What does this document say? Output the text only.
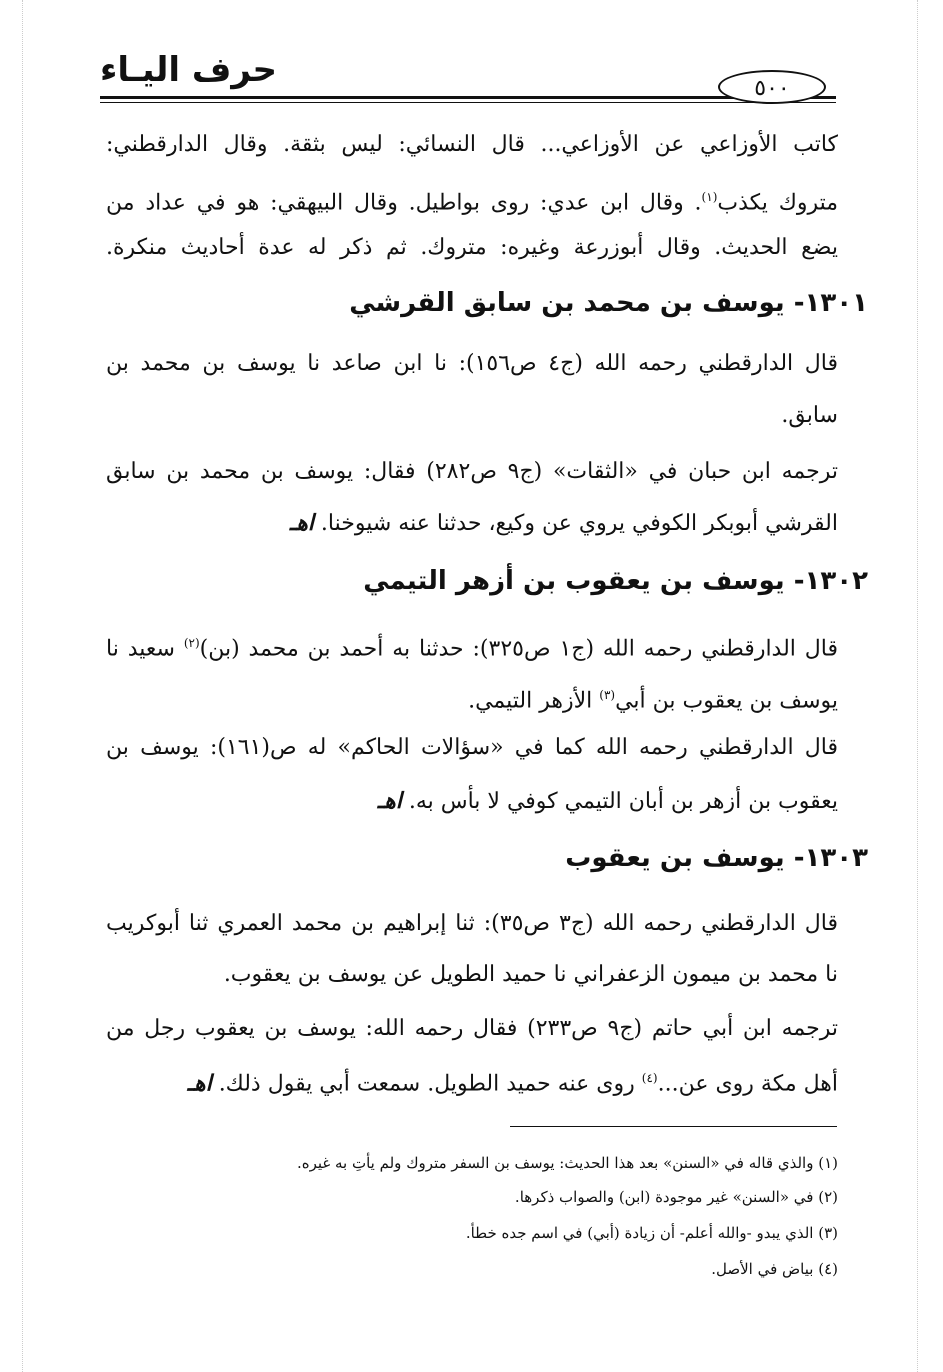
حرف اليـاء	٥٠٠
كاتب الأوزاعي عن الأوزاعي... قال النسائي: ليس بثقة. وقال الدارقطني:
متروك يكذب$^{(١)}$. وقال ابن عدي: روى بواطيل. وقال البيهقي: هو في عداد من
يضع الحديث. وقال أبوزرعة وغيره: متروك. ثم ذكر له عدة أحاديث منكرة.
١٣٠١- يوسف بن محمد بن سابق القرشي
قال الدارقطني رحمه الله (ج٤ ص١٥٦): نا ابن صاعد نا يوسف بن محمد بن
سابق.
ترجمه ابن حبان في «الثقات» (ج٩ ص٢٨٢) فقال: يوسف بن محمد بن سابق
القرشي أبوبكر الكوفي يروي عن وكيع، حدثنا عنه شيوخنا. اهـ
١٣٠٢- يوسف بن يعقوب بن أزهر التيمي
قال الدارقطني رحمه الله (ج١ ص٣٢٥): حدثنا به أحمد بن محمد (بن)$^{(٢)}$ سعيد نا
يوسف بن يعقوب بن أبي$^{(٣)}$ الأزهر التيمي.
قال الدارقطني رحمه الله كما في «سؤالات الحاكم» له ص(١٦١): يوسف بن
يعقوب بن أزهر بن أبان التيمي كوفي لا بأس به. اهـ
١٣٠٣- يوسف بن يعقوب
قال الدارقطني رحمه الله (ج٣ ص٣٥): ثنا إبراهيم بن محمد العمري ثنا أبوكريب
نا محمد بن ميمون الزعفراني نا حميد الطويل عن يوسف بن يعقوب.
ترجمه ابن أبي حاتم (ج٩ ص٢٣٣) فقال رحمه الله: يوسف بن يعقوب رجل من
أهل مكة روى عن...$^{(٤)}$ روى عنه حميد الطويل. سمعت أبي يقول ذلك. اهـ
(١) والذي قاله في «السنن» بعد هذا الحديث: يوسف بن السفر متروك ولم يأتِ به غيره.
(٢) في «السنن» غير موجودة (ابن) والصواب ذكرها.
(٣) الذي يبدو -والله أعلم- أن زيادة (أبي) في اسم جده خطأ.
(٤) بياض في الأصل.
